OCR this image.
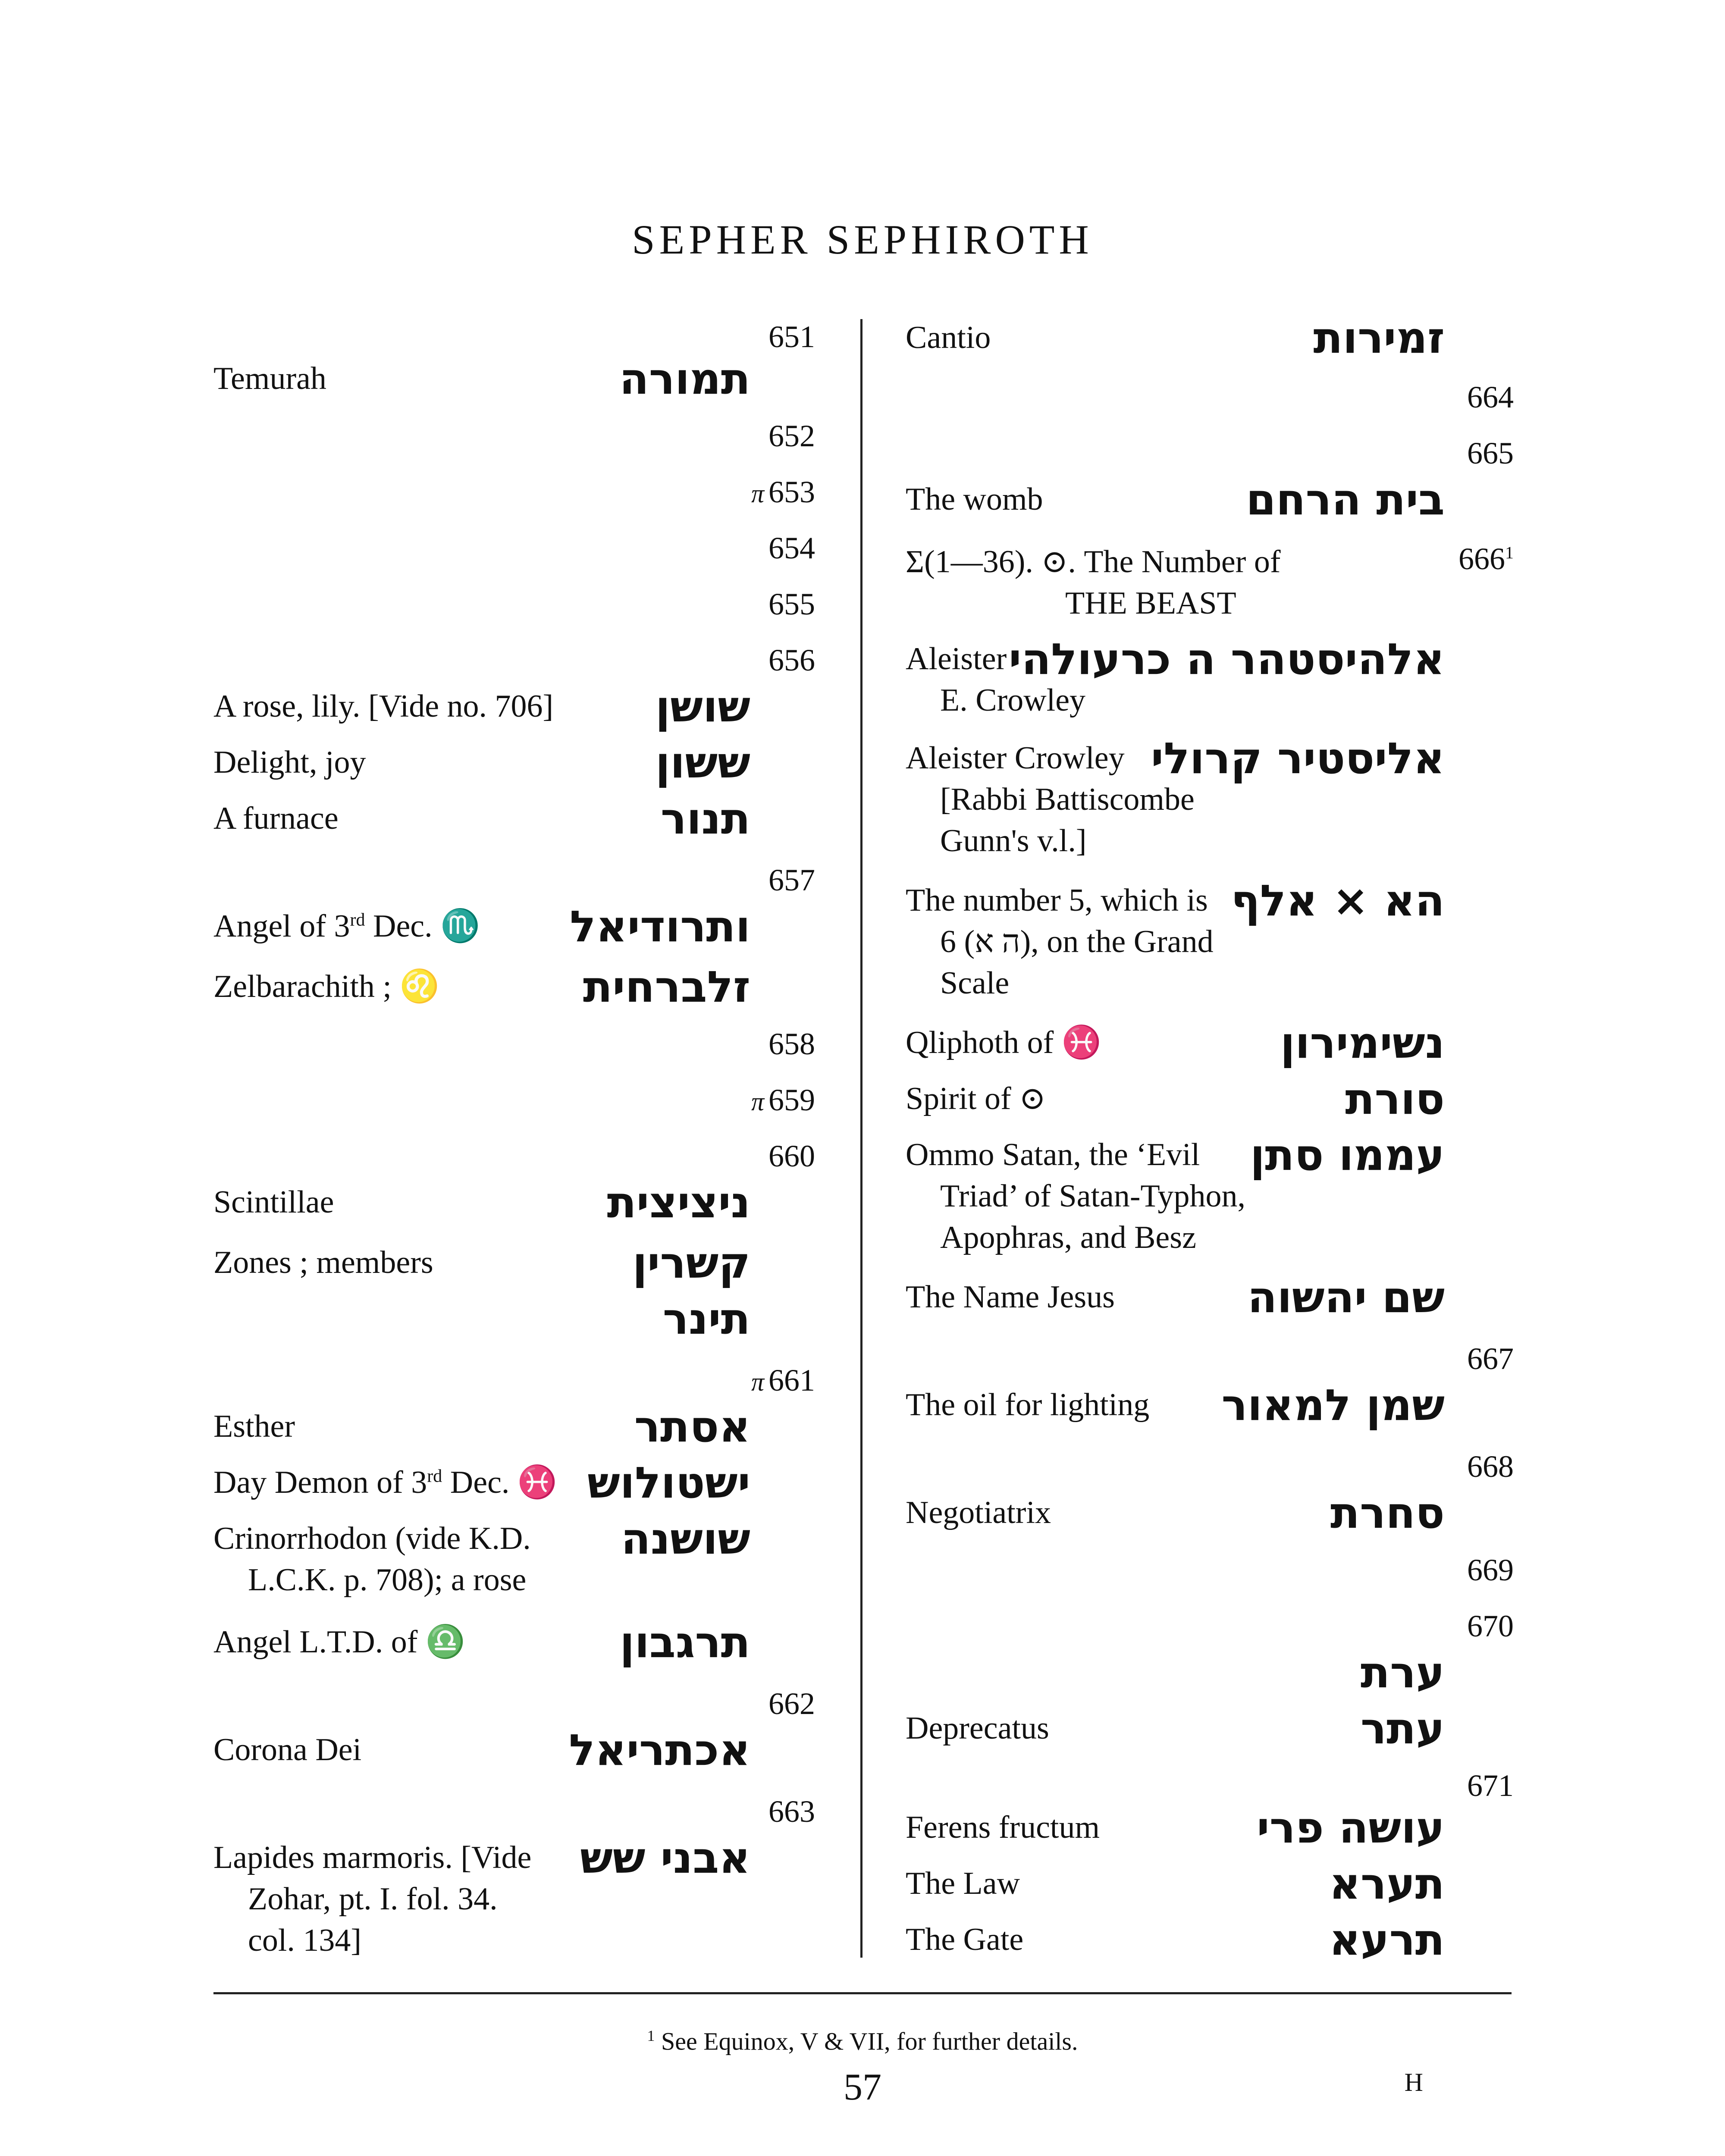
SEPHER SEPHIROTH
651
Temurah	תמורה
652
π 653
654
655
656
A rose, lily. [Vide no. 706] שושן
Delight, joy	ששון
A furnace	תנור
657
Angel of 3rd Dec. ♏ ותרודיאל
Zelbarachith ; ♌	זלברחית
658
π 659
660
Scintillae	ניציצית
Zones ; members	קשרין
תינר
π 661
Esther	אסתר
Day Demon of 3rd Dec. ♓ ישטולוש
Crinorrhodon (vide K.D.
L.C.K. p. 708); a rose
שושנה
Angel L.T.D. of ♎	תרגבון
662
Corona Dei	אכתריאל
663
Lapides marmoris. [Vide
Zohar, pt. I. fol. 34.
col. 134]
אבני שש
Cantio	זמירות
664
665
The womb	בית הרחם
Σ(1—36). ⊙. The Number of
THE BEAST
$666^1$
Aleister
E. Crowley
אלהיסטהר ה כרעולהי
Aleister Crowley
[Rabbi Battiscombe
Gunn's v.l.]
אליסטיר קרולי
The number 5, which is
6 (ה א), on the Grand
Scale
הא × אלף
Qliphoth of ♓	נשימירון
Spirit of ⊙	סורת
Ommo Satan, the ‘Evil
Triad’ of Satan-Typhon,
Apophras, and Besz
עממו סתן
The Name Jesus	שם יהשוה
667
The oil for lighting שמן למאור
668
Negotiatrix	סחרת
669
670
ערת
Deprecatus	עתר
671
Ferens fructum	עושה פרי
The Law	תערא
The Gate	תרעא
$^1$ See Equinox, V & VII, for further details.
57	H
